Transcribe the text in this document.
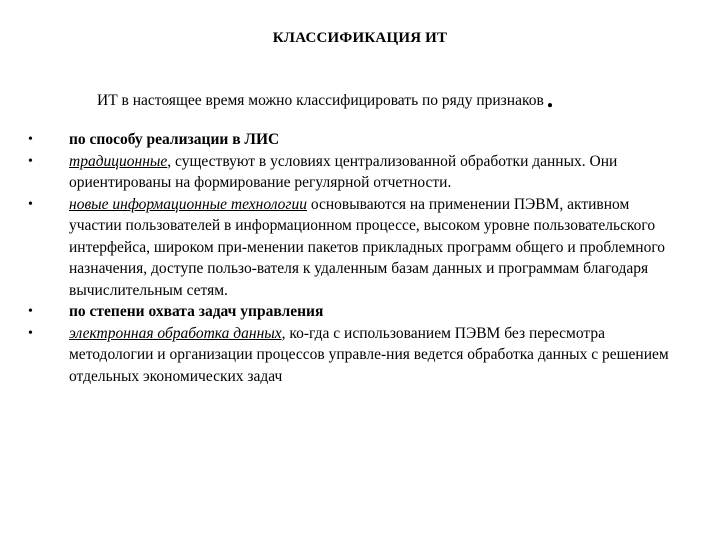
КЛАССИФИКАЦИЯ ИТ
ИТ в настоящее время можно классифицировать по ряду признаков .
• по способу реализации в ЛИС
• традиционные, существуют в условиях централизованной обработки данных. Они ориентированы на формирование регулярной отчетности.
• новые информационные технологии основываются на применении ПЭВМ, активном участии пользователей в информационном процессе, высоком уровне пользовательского интерфейса, широком при-менении пакетов прикладных программ общего и проблемного назначения, доступе пользо-вателя к удаленным базам данных и программам благодаря вычислительным сетям.
• по степени охвата задач управления
• электронная обработка данных, ко-гда с использованием ПЭВМ без пересмотра методологии и организации процессов управле-ния ведется обработка данных с решением отдельных экономических задач
